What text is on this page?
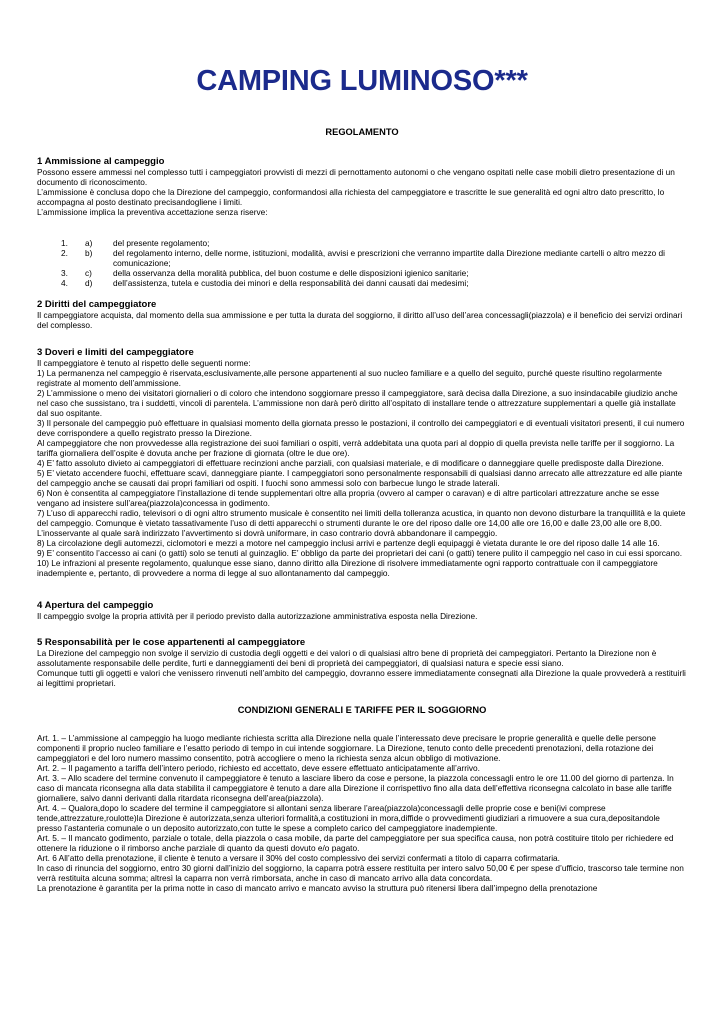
CAMPING LUMINOSO***
REGOLAMENTO
1 Ammissione al campeggio
Possono essere ammessi nel complesso tutti i campeggiatori provvisti di mezzi di pernottamento autonomi o che vengano ospitati nelle case mobili dietro presentazione di un documento di riconoscimento.
L’ammissione è conclusa dopo che la Direzione del campeggio, conformandosi alla richiesta del campeggiatore e trascritte le sue generalità ed ogni altro dato prescritto, lo accompagna al posto destinato precisandogliene i limiti.
L’ammissione implica la preventiva accettazione senza riserve:
1.	a)	del presente regolamento;
2.	b)	del regolamento interno, delle norme, istituzioni, modalità, avvisi e prescrizioni che verranno impartite dalla Direzione mediante cartelli o altro mezzo di comunicazione;
3.	c)	della osservanza della moralità pubblica, del buon costume e delle disposizioni igienico sanitarie;
4.	d)	dell’assistenza, tutela e custodia dei minori e della responsabilità dei danni causati dai medesimi;
2 Diritti del campeggiatore
Il campeggiatore acquista, dal momento della sua ammissione e per tutta la durata del soggiorno, il diritto all’uso dell’area concessagli(piazzola) e il beneficio dei servizi ordinari del complesso.
3 Doveri e limiti del campeggiatore
Il campeggiatore è tenuto al rispetto delle seguenti norme:
1) La permanenza nel campeggio è riservata,esclusivamente,alle persone appartenenti al suo nucleo familiare e a quello del seguito, purché queste risultino regolarmente registrate al momento dell’ammissione.
2) L’ammissione o meno dei visitatori giornalieri o di coloro che intendono soggiornare presso il campeggiatore, sarà decisa dalla Direzione, a suo insindacabile giudizio anche nel caso che sussistano, tra i suddetti, vincoli di parentela. L’ammissione non darà però diritto all’ospitato di installare tende o attrezzature supplementari a quelle già installate dal suo ospitante.
3) Il personale del campeggio può effettuare in qualsiasi momento della giornata presso le postazioni, il controllo dei campeggiatori e di eventuali visitatori presenti, il cui numero deve corrispondere a quello registrato presso la Direzione.
Al campeggiatore che non provvedesse alla registrazione dei suoi familiari o ospiti, verrà addebitata una quota pari al doppio di quella prevista nelle tariffe per il soggiorno. La tariffa giornaliera dell’ospite è dovuta anche per frazione di giornata (oltre le due ore).
4) E’ fatto assoluto divieto ai campeggiatori di effettuare recinzioni anche parziali, con qualsiasi materiale, e di modificare o danneggiare quelle predisposte dalla Direzione.
5) E’ vietato accendere fuochi, effettuare scavi, danneggiare piante. I campeggiatori sono personalmente responsabili di qualsiasi danno arrecato alle attrezzature ed alle piante del campeggio anche se causati dai propri familiari od ospiti. I fuochi sono ammessi solo con barbecue lungo le strade laterali.
6) Non è consentita al campeggiatore l’installazione di tende supplementari oltre alla propria (ovvero al camper o caravan) e di altre particolari attrezzature anche se esse vengano ad insistere sull’area(piazzola)concessa in godimento.
7) L’uso di apparecchi radio, televisori o di ogni altro strumento musicale è consentito nei limiti della tolleranza acustica, in quanto non devono disturbare la tranquillità e la quiete del campeggio. Comunque è vietato tassativamente l’uso di detti apparecchi o strumenti durante le ore del riposo dalle ore 14,00 alle ore 16,00 e dalle 23,00 alle ore 8,00. L’inosservante al quale sarà indirizzato l’avvertimento si dovrà uniformare, in caso contrario dovrà abbandonare il campeggio.
8) La circolazione degli automezzi, ciclomotori e mezzi a motore nel campeggio inclusi arrivi e partenze degli equipaggi è vietata durante le ore del riposo dalle 14 alle 16.
9) E’ consentito l’accesso ai cani (o gatti) solo se tenuti al guinzaglio. E’ obbligo da parte dei proprietari dei cani (o gatti) tenere pulito il campeggio nel caso in cui essi sporcano.
10) Le infrazioni al presente regolamento, qualunque esse siano, danno diritto alla Direzione di risolvere immediatamente ogni rapporto contrattuale con il campeggiatore inadempiente e, pertanto, di provvedere a norma di legge al suo allontanamento dal campeggio.
4 Apertura del campeggio
Il campeggio svolge la propria attività per il periodo previsto dalla autorizzazione amministrativa esposta nella Direzione.
5 Responsabilità per le cose appartenenti al campeggiatore
La Direzione del campeggio non svolge il servizio di custodia degli oggetti e dei valori o di qualsiasi altro bene di proprietà dei campeggiatori. Pertanto la Direzione non è assolutamente responsabile delle perdite, furti e danneggiamenti dei beni di proprietà dei campeggiatori, di qualsiasi natura e specie essi siano.
Comunque tutti gli oggetti e valori che venissero rinvenuti nell’ambito del campeggio, dovranno essere immediatamente consegnati alla Direzione la quale provvederà a restituirli ai legittimi proprietari.
CONDIZIONI GENERALI E TARIFFE PER IL SOGGIORNO
Art. 1. – L’ammissione al campeggio ha luogo mediante richiesta scritta alla Direzione nella quale l’interessato deve precisare le proprie generalità e quelle delle persone componenti il proprio nucleo familiare e l’esatto periodo di tempo in cui intende soggiornare. La Direzione, tenuto conto delle precedenti prenotazioni, della rotazione dei campeggiatori e del loro numero massimo consentito, potrà accogliere o meno la richiesta senza alcun obbligo di motivazione.
Art. 2. – Il pagamento a tariffa dell’intero periodo, richiesto ed accettato, deve essere effettuato anticipatamente all’arrivo.
Art. 3. – Allo scadere del termine convenuto il campeggiatore è tenuto a lasciare libero da cose e persone, la piazzola concessagli entro le ore 11.00 del giorno di partenza. In caso di mancata riconsegna alla data stabilita il campeggiatore è tenuto a dare alla Direzione il corrispettivo fino alla data dell’effettiva riconsegna calcolato in base alle tariffe giornaliere, salvo danni derivanti dalla ritardata riconsegna dell’area(piazzola).
Art. 4. – Qualora,dopo lo scadere del termine il campeggiatore si allontani senza liberare l’area(piazzola)concessagli delle proprie cose e beni(ivi comprese tende,attrezzature,roulotte)la Direzione è autorizzata,senza ulteriori formalità,a costituzioni in mora,diffide o provvedimenti giudiziari a rimuovere a sua cura,depositandole presso l’astanteria comunale o un deposito autorizzato,con tutte le spese a completo carico del campeggiatore inadempiente.
Art. 5. – Il mancato godimento, parziale o totale, della piazzola o casa mobile, da parte del campeggiatore per sua specifica causa, non potrà costituire titolo per richiedere ed ottenere la riduzione o il rimborso anche parziale di quanto da questi dovuto e/o pagato.
Art. 6 All’atto della prenotazione, il cliente è tenuto a versare il 30% del costo complessivo dei servizi confermati a titolo di caparra cofirmataria.
In caso di rinuncia del soggiorno, entro 30 giorni dall’inizio del soggiorno, la caparra potrà essere restituita per intero salvo 50,00 € per spese d’ufficio, trascorso tale termine non verrà restituita alcuna somma; altresì la caparra non verrà rimborsata, anche in caso di mancato arrivo alla data concordata.
La prenotazione è garantita per la prima notte in caso di mancato arrivo e mancato avviso la struttura può ritenersi libera dall’impegno della prenotazione
